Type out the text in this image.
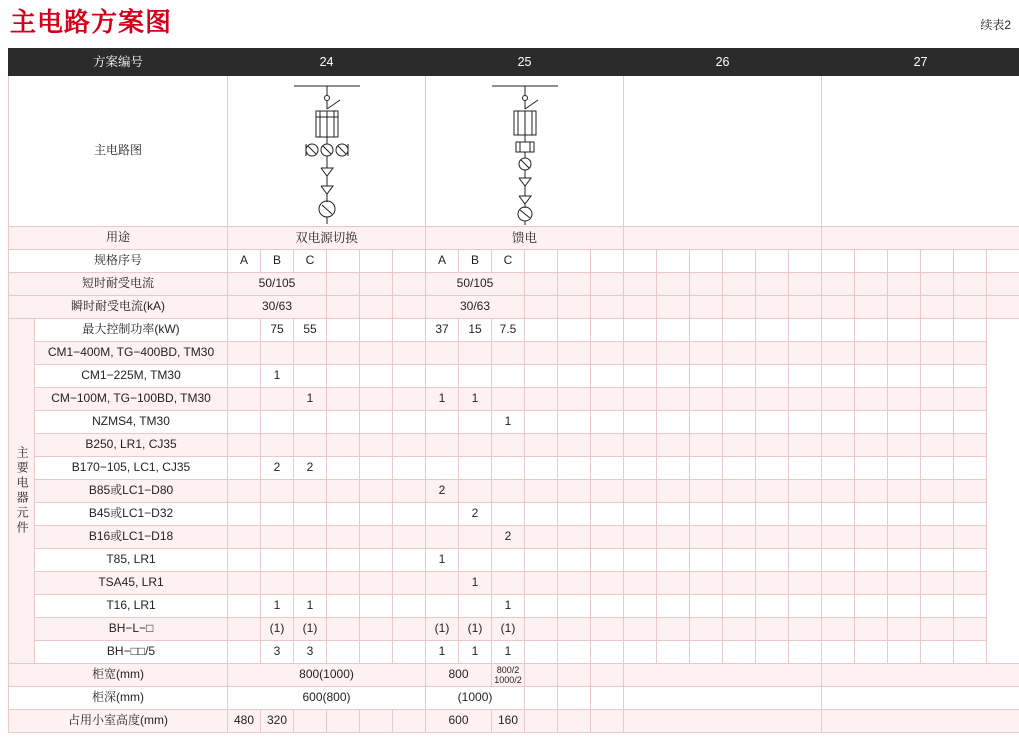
主电路方案图	续表2
方案编号		24						25						26						27						
主电路图	

用途		双电源切换						馈电																		
规格序号		A	B	C				A	B	C																
短时耐受电流		50/105						50/105																		
瞬时耐受电流(kA)		30/63						30/63																		

主要电器元件	最大控制功率(kW)		75	55				37	15	7.5																
	CM1−400M, TG−400BD, TM30																									
	CM1−225M, TM30		1																							
	CM−100M, TG−100BD, TM30			1				1	1																	
	NZMS4, TM30									1																
	B250, LR1, CJ35																									
	B170−105, LC1, CJ35		2	2																						
	B85或LC1−D80							2																		
	B45或LC1−D32								2																	
	B16或LC1−D18									2																
	T85, LR1							1																		
	TSA45, LR1								1																	
	T16, LR1		1	1						1																
	BH−L−□		(1)	(1)				(1)	(1)	(1)																
	BH−□□/5		3	3				1	1	1																
柜宽(mm)		800(1000)						800		800/2 1000/2																
柜深(mm)		600(800)						(1000)																		
占用小室高度(mm)		480	320					600		160																
